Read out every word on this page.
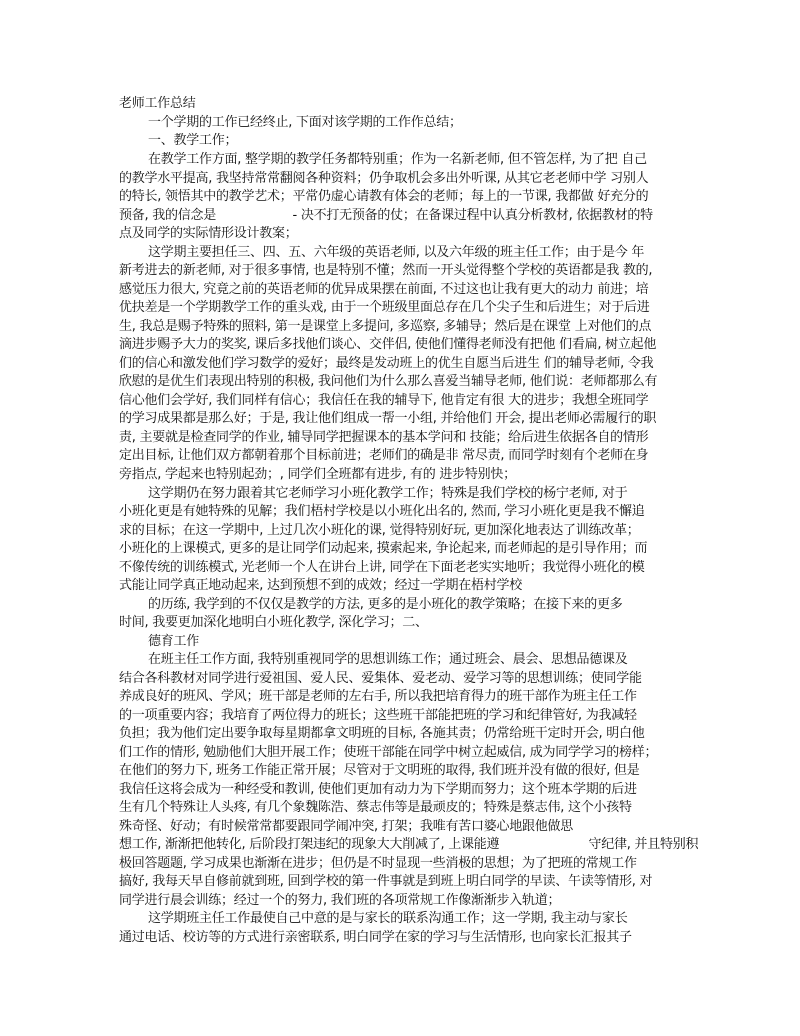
老师工作总结
一个学期的工作已经终止, 下面对该学期的工作作总结；
一、教学工作；
在教学工作方面, 整学期的教学任务都特别重；作为一名新老师, 但不管怎样, 为了把 自己
的教学水平提高, 我坚持常常翻阅各种资料；仍争取机会多出外听课, 从其它老老师中学 习别人
的特长, 领悟其中的教学艺术；平常仍虚心请教有体会的老师；每上的一节课, 我都做 好充分的
预备, 我的信念是　　　　　　- 决不打无预备的仗；在备课过程中认真分析教材, 依据教材的特
点及同学的实际情形设计教案；
这学期主要担任三、四、五、六年级的英语老师, 以及六年级的班主任工作；由于是今 年
新考进去的新老师, 对于很多事情, 也是特别不懂；然而一开头觉得整个学校的英语都是我 教的,
感觉压力很大, 究竟之前的英语老师的优异成果摆在前面, 不过这也让我有更大的动力 前进；培
优抉差是一个学期教学工作的重头戏, 由于一个班级里面总存在几个尖子生和后进生；对于后进
生, 我总是赐予特殊的照料, 第一是课堂上多提问, 多巡察, 多辅导；然后是在课堂 上对他们的点
滴进步赐予大力的奖奖, 课后多找他们谈心、交伴侣, 使他们懂得老师没有把他 们看扁, 树立起他
们的信心和激发他们学习数学的爱好；最终是发动班上的优生自愿当后进生 们的辅导老师, 令我
欣慰的是优生们表现出特别的积极, 我问他们为什么那么喜爱当辅导老师, 他们说：老师都那么有
信心他们会学好, 我们同样有信心；我信任在我的辅导下, 他肯定有很 大的进步；我想全班同学
的学习成果都是那么好；于是, 我让他们组成一帮一小组, 并给他们 开会, 提出老师必需履行的职
责, 主要就是检查同学的作业, 辅导同学把握课本的基本学问和 技能；给后进生依据各自的情形
定出目标, 让他们双方都朝着那个目标前进；老师们的确是非 常尽责, 而同学时刻有个老师在身
旁指点, 学起来也特别起劲；, 同学们全班都有进步, 有的 进步特别快；
这学期仍在努力跟着其它老师学习小班化教学工作；特殊是我们学校的杨宁老师, 对于
小班化更是有她特殊的见解；我们梧村学校是以小班化出名的, 然而, 学习小班化更是我不懈追
求的目标；在这一学期中, 上过几次小班化的课, 觉得特别好玩, 更加深化地表达了训练改革；
小班化的上课模式, 更多的是让同学们动起来, 摸索起来, 争论起来, 而老师起的是引导作用；而
不像传统的训练模式, 光老师一个人在讲台上讲, 同学在下面老老实实地听；我觉得小班化的模
式能让同学真正地动起来, 达到预想不到的成效；经过一学期在梧村学校
的历练, 我学到的不仅仅是教学的方法, 更多的是小班化的教学策略；在接下来的更多
时间, 我要更加深化地明白小班化教学, 深化学习；二、
德育工作
在班主任工作方面, 我特别重视同学的思想训练工作；通过班会、晨会、思想品德课及
结合各科教材对同学进行爱祖国、爱人民、爱集体、爱老动、爱学习等的思想训练；使同学能
养成良好的班风、学风；班干部是老师的左右手, 所以我把培育得力的班干部作为班主任工作
的一项重要内容；我培育了两位得力的班长；这些班干部能把班的学习和纪律管好, 为我减轻
负担；我为他们定出要争取每星期都拿文明班的目标, 各施其责；仍常给班干定时开会, 明白他
们工作的情形, 勉励他们大胆开展工作；使班干部能在同学中树立起威信, 成为同学学习的榜样；
在他们的努力下, 班务工作能正常开展；尽管对于文明班的取得, 我们班并没有做的很好, 但是
我信任这将会成为一种经受和教训, 使他们更加有动力为下学期而努力；这个班本学期的后进
生有几个特殊让人头疼, 有几个象魏陈浩、蔡志伟等是最顽皮的；特殊是蔡志伟, 这个小孩特
殊奇怪、好动；有时候常常都要跟同学闹冲突, 打架；我唯有苦口婆心地跟他做思
想工作, 渐渐把他转化, 后阶段打架违纪的现象大大削减了, 上课能遵　　　　　　　守纪律, 并且特别积
极回答题题, 学习成果也渐渐在进步；但仍是不时显现一些消极的思想；为了把班的常规工作
搞好, 我每天早自修前就到班, 回到学校的第一件事就是到班上明白同学的早读、午读等情形, 对
同学进行晨会训练；经过一个的努力, 我们班的各项常规工作像渐渐步入轨道；
这学期班主任工作最使自己中意的是与家长的联系沟通工作；这一学期, 我主动与家长
通过电话、校访等的方式进行亲密联系, 明白同学在家的学习与生活情形, 也向家长汇报其子
